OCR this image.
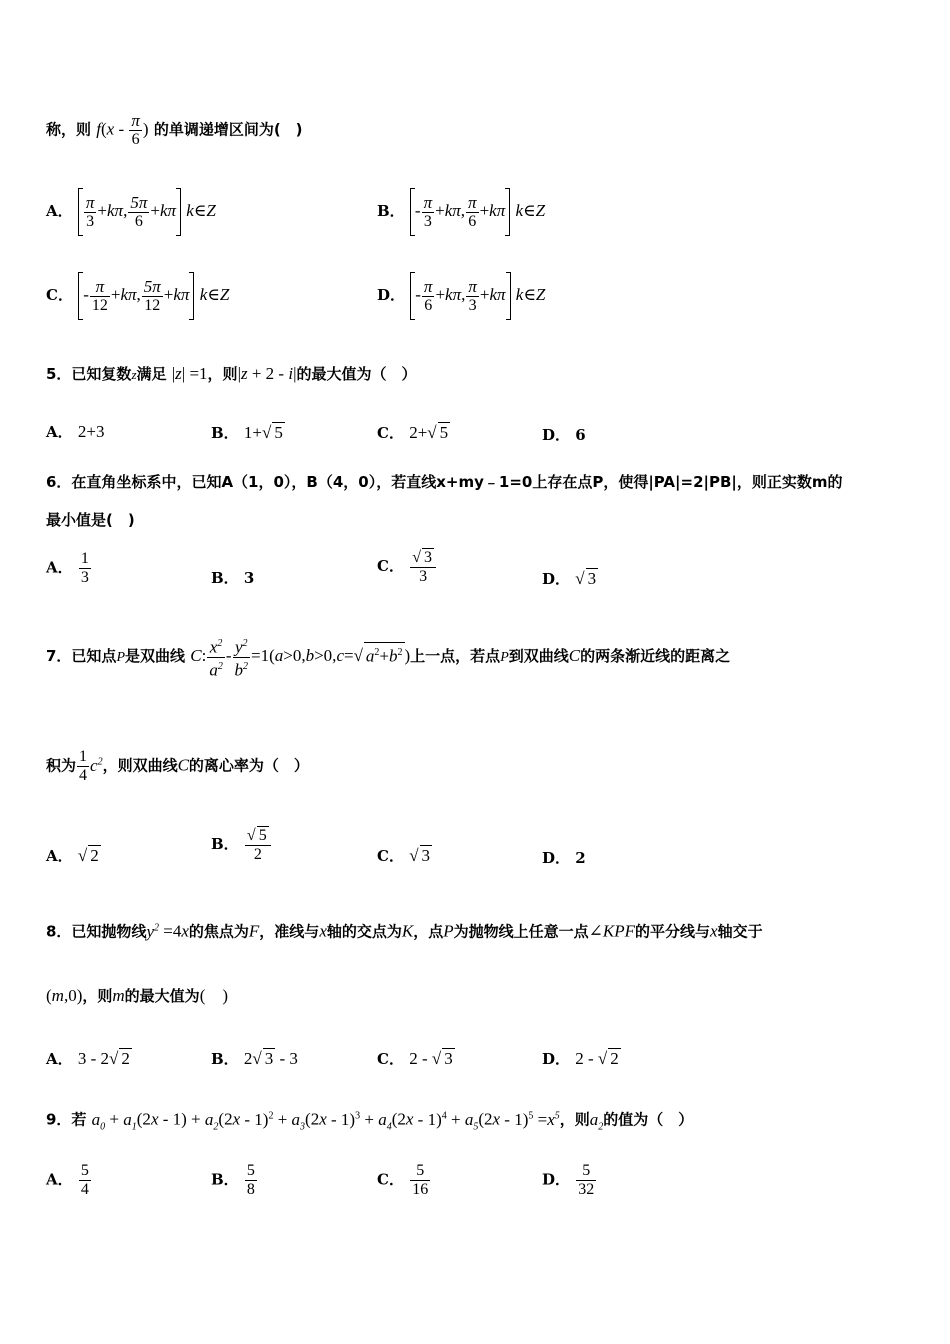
称，则 $f(x - \frac{\pi}{6}$ ) 的单调递增区间为(　)
A． $\frac{\pi}{3} +k\pi$, $\frac{5\pi}{6} +k\pi$ k∈Z	B． - $\frac{\pi}{3} +k\pi$, $\frac{\pi}{6} +k\pi$ k∈Z
C． - $\frac{\pi}{12} +k\pi$, $\frac{5\pi}{12} +k\pi$ k∈Z	D． - $\frac{\pi}{6} +k\pi$, $\frac{\pi}{3} +k\pi$ k∈Z
5．已知复数z满足 |z| =1，则|z + 2 - i|的最大值为（　）
A． 2+3	B． 1+√ 5	C． 2+√ 5	D． 6
6．在直角坐标系中，已知A（1，0），B（4，0），若直线x+my﹣1=0上存在点P，使得|PA|=2|PB|，则正实数m的
最小值是(　)
A． $\frac{1}{3}$	B． 3
C． $\frac{√ 3}{3}$	D． √ 3
7．已知点P是双曲线 C: $\frac{x^2}{a^2} - \frac{y^2}{b^2} =1(a>0,b>0,c=√$ $a^2+b^2$ )上一点，若点P到双曲线C的两条渐近线的距离之
积为 $\frac{1}{4} c^2$，则双曲线C的离心率为（　）
A． √ 2
B． $\frac{√ 5}{2}$	C． √ 3	D． 2
8．已知抛物线$y^2 =4x$的焦点为F，准线与x轴的交点为K，点P为抛物线上任意一点∠KPF的平分线与x轴交于
(m,0)，则m的最大值为(　)
A． 3 - 2√ 2	B． 2√ 3 - 3	C． 2 - √ 3	D． 2 - √ 2
9．若 $a_0 + a_1(2x - 1) + a_2(2x - 1)^2 + a_3(2x - 1)^3 + a_4(2x - 1)^4 + a_5(2x - 1)^5 =x^5$，则$a_2$的值为（　）
A． $\frac{5}{4}$	B． $\frac{5}{8}$	C． $\frac{5}{16}$	D． $\frac{5}{32}$
